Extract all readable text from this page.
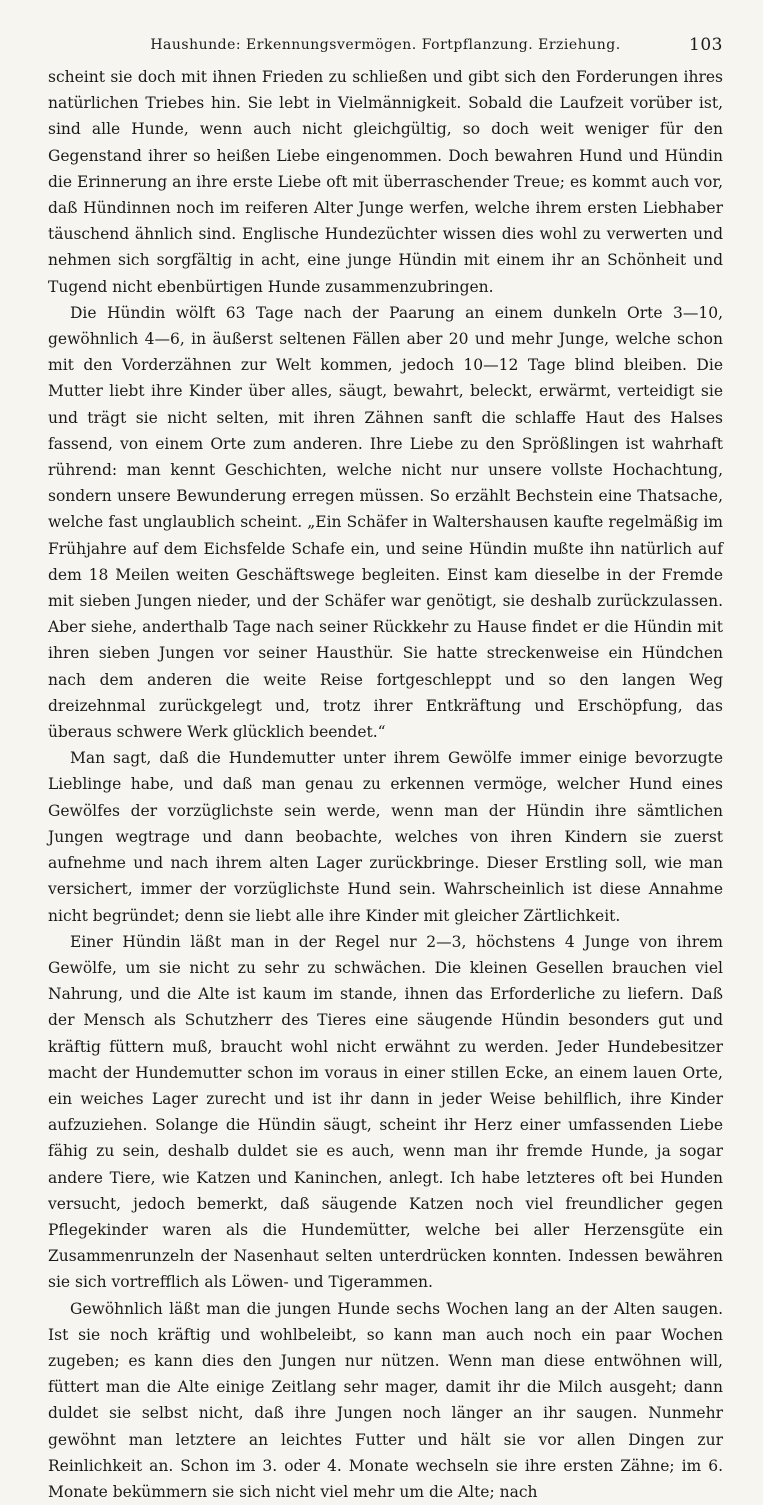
Haushunde: Erkennungsvermögen. Fortpflanzung. Erziehung.	103

scheint sie doch mit ihnen Frieden zu schließen und gibt sich den Forderungen ihres natürlichen Triebes hin. Sie lebt in Vielmännigkeit. Sobald die Laufzeit vorüber ist, sind alle Hunde, wenn auch nicht gleichgültig, so doch weit weniger für den Gegenstand ihrer so heißen Liebe eingenommen. Doch bewahren Hund und Hündin die Erinnerung an ihre erste Liebe oft mit überraschender Treue; es kommt auch vor, daß Hündinnen noch im reiferen Alter Junge werfen, welche ihrem ersten Liebhaber täuschend ähnlich sind. Englische Hundezüchter wissen dies wohl zu verwerten und nehmen sich sorgfältig in acht, eine junge Hündin mit einem ihr an Schönheit und Tugend nicht ebenbürtigen Hunde zusammenzubringen.

Die Hündin wölft 63 Tage nach der Paarung an einem dunkeln Orte 3—10, gewöhnlich 4—6, in äußerst seltenen Fällen aber 20 und mehr Junge, welche schon mit den Vorderzähnen zur Welt kommen, jedoch 10—12 Tage blind bleiben. Die Mutter liebt ihre Kinder über alles, säugt, bewahrt, beleckt, erwärmt, verteidigt sie und trägt sie nicht selten, mit ihren Zähnen sanft die schlaffe Haut des Halses fassend, von einem Orte zum anderen. Ihre Liebe zu den Sprößlingen ist wahrhaft rührend: man kennt Geschichten, welche nicht nur unsere vollste Hochachtung, sondern unsere Bewunderung erregen müssen. So erzählt Bechstein eine Thatsache, welche fast unglaublich scheint. „Ein Schäfer in Waltershausen kaufte regelmäßig im Frühjahre auf dem Eichsfelde Schafe ein, und seine Hündin mußte ihn natürlich auf dem 18 Meilen weiten Geschäftswege begleiten. Einst kam dieselbe in der Fremde mit sieben Jungen nieder, und der Schäfer war genötigt, sie deshalb zurückzulassen. Aber siehe, anderthalb Tage nach seiner Rückkehr zu Hause findet er die Hündin mit ihren sieben Jungen vor seiner Hausthür. Sie hatte streckenweise ein Hündchen nach dem anderen die weite Reise fortgeschleppt und so den langen Weg dreizehnmal zurückgelegt und, trotz ihrer Entkräftung und Erschöpfung, das überaus schwere Werk glücklich beendet.“

Man sagt, daß die Hundemutter unter ihrem Gewölfe immer einige bevorzugte Lieblinge habe, und daß man genau zu erkennen vermöge, welcher Hund eines Gewölfes der vorzüglichste sein werde, wenn man der Hündin ihre sämtlichen Jungen wegtrage und dann beobachte, welches von ihren Kindern sie zuerst aufnehme und nach ihrem alten Lager zurückbringe. Dieser Erstling soll, wie man versichert, immer der vorzüglichste Hund sein. Wahrscheinlich ist diese Annahme nicht begründet; denn sie liebt alle ihre Kinder mit gleicher Zärtlichkeit.

Einer Hündin läßt man in der Regel nur 2—3, höchstens 4 Junge von ihrem Gewölfe, um sie nicht zu sehr zu schwächen. Die kleinen Gesellen brauchen viel Nahrung, und die Alte ist kaum im stande, ihnen das Erforderliche zu liefern. Daß der Mensch als Schutzherr des Tieres eine säugende Hündin besonders gut und kräftig füttern muß, braucht wohl nicht erwähnt zu werden. Jeder Hundebesitzer macht der Hundemutter schon im voraus in einer stillen Ecke, an einem lauen Orte, ein weiches Lager zurecht und ist ihr dann in jeder Weise behilflich, ihre Kinder aufzuziehen. Solange die Hündin säugt, scheint ihr Herz einer umfassenden Liebe fähig zu sein, deshalb duldet sie es auch, wenn man ihr fremde Hunde, ja sogar andere Tiere, wie Katzen und Kaninchen, anlegt. Ich habe letzteres oft bei Hunden versucht, jedoch bemerkt, daß säugende Katzen noch viel freundlicher gegen Pflegekinder waren als die Hundemütter, welche bei aller Herzensgüte ein Zusammenrunzeln der Nasenhaut selten unterdrücken konnten. Indessen bewähren sie sich vortrefflich als Löwen- und Tigerammen.

Gewöhnlich läßt man die jungen Hunde sechs Wochen lang an der Alten saugen. Ist sie noch kräftig und wohlbeleibt, so kann man auch noch ein paar Wochen zugeben; es kann dies den Jungen nur nützen. Wenn man diese entwöhnen will, füttert man die Alte einige Zeitlang sehr mager, damit ihr die Milch ausgeht; dann duldet sie selbst nicht, daß ihre Jungen noch länger an ihr saugen. Nunmehr gewöhnt man letztere an leichtes Futter und hält sie vor allen Dingen zur Reinlichkeit an. Schon im 3. oder 4. Monate wechseln sie ihre ersten Zähne; im 6. Monate bekümmern sie sich nicht viel mehr um die Alte; nach
